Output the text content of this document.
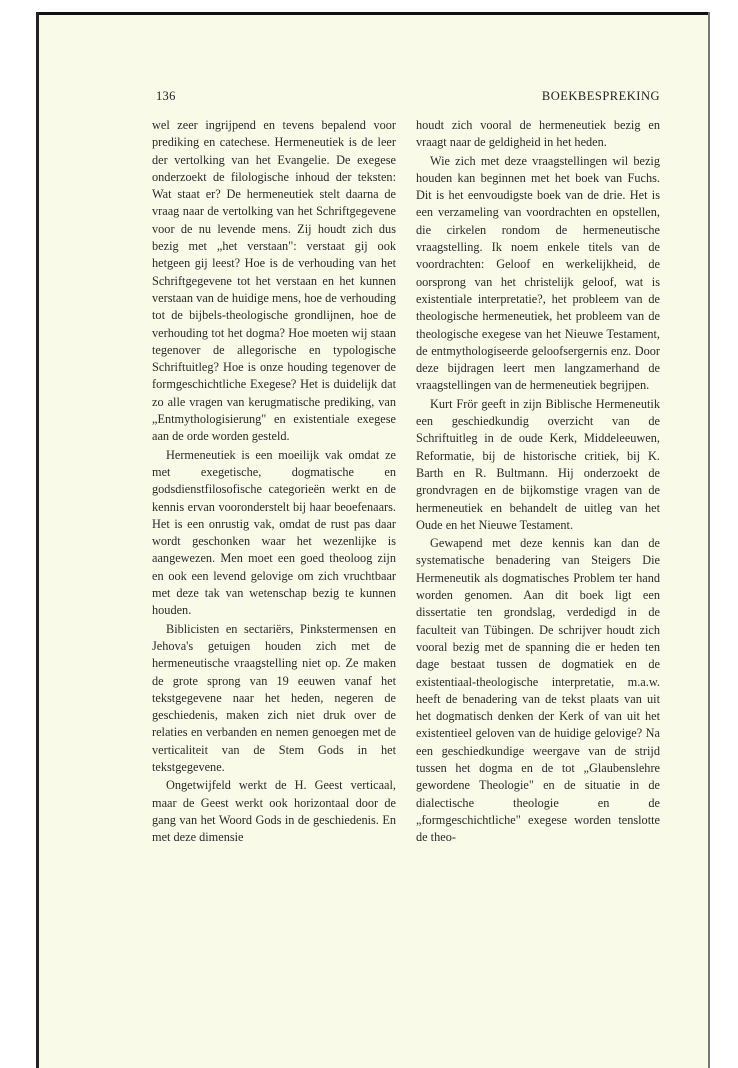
136	BOEKBESPREKING

wel zeer ingrijpend en tevens bepalend voor prediking en catechese. Hermeneutiek is de leer der vertolking van het Evangelie. De exegese onderzoekt de filologische inhoud der teksten: Wat staat er? De hermeneutiek stelt daarna de vraag naar de vertolking van het Schriftgegevene voor de nu levende mens. Zij houdt zich dus bezig met „het verstaan": verstaat gij ook hetgeen gij leest? Hoe is de verhouding van het Schriftgegevene tot het verstaan en het kunnen verstaan van de huidige mens, hoe de verhouding tot de bijbels-theologische grondlijnen, hoe de verhouding tot het dogma? Hoe moeten wij staan tegenover de allegorische en typologische Schriftuitleg? Hoe is onze houding tegenover de formgeschichtliche Exegese? Het is duidelijk dat zo alle vragen van kerugmatische prediking, van „Entmythologisierung" en existentiale exegese aan de orde worden gesteld.

Hermeneutiek is een moeilijk vak omdat ze met exegetische, dogmatische en godsdienstfilosofische categorieën werkt en de kennis ervan vooronderstelt bij haar beoefenaars. Het is een onrustig vak, omdat de rust pas daar wordt geschonken waar het wezenlijke is aangewezen. Men moet een goed theoloog zijn en ook een levend gelovige om zich vruchtbaar met deze tak van wetenschap bezig te kunnen houden.

Biblicisten en sectariërs, Pinkstermensen en Jehova's getuigen houden zich met de hermeneutische vraagstelling niet op. Ze maken de grote sprong van 19 eeuwen vanaf het tekstgegevene naar het heden, negeren de geschiedenis, maken zich niet druk over de relaties en verbanden en nemen genoegen met de verticaliteit van de Stem Gods in het tekstgegevene.

Ongetwijfeld werkt de H. Geest verticaal, maar de Geest werkt ook horizontaal door de gang van het Woord Gods in de geschiedenis. En met deze dimensie

houdt zich vooral de hermeneutiek bezig en vraagt naar de geldigheid in het heden.

Wie zich met deze vraagstellingen wil bezig houden kan beginnen met het boek van Fuchs. Dit is het eenvoudigste boek van de drie. Het is een verzameling van voordrachten en opstellen, die cirkelen rondom de hermeneutische vraagstelling. Ik noem enkele titels van de voordrachten: Geloof en werkelijkheid, de oorsprong van het christelijk geloof, wat is existentiale interpretatie?, het probleem van de theologische hermeneutiek, het probleem van de theologische exegese van het Nieuwe Testament, de entmythologiseerde geloofsergernis enz. Door deze bijdragen leert men langzamerhand de vraagstellingen van de hermeneutiek begrijpen.

Kurt Frör geeft in zijn Biblische Hermeneutik een geschiedkundig overzicht van de Schriftuitleg in de oude Kerk, Middeleeuwen, Reformatie, bij de historische critiek, bij K. Barth en R. Bultmann. Hij onderzoekt de grondvragen en de bijkomstige vragen van de hermeneutiek en behandelt de uitleg van het Oude en het Nieuwe Testament.

Gewapend met deze kennis kan dan de systematische benadering van Steigers Die Hermeneutik als dogmatisches Problem ter hand worden genomen. Aan dit boek ligt een dissertatie ten grondslag, verdedigd in de faculteit van Tübingen. De schrijver houdt zich vooral bezig met de spanning die er heden ten dage bestaat tussen de dogmatiek en de existentiaal-theologische interpretatie, m.a.w. heeft de benadering van de tekst plaats van uit het dogmatisch denken der Kerk of van uit het existentieel geloven van de huidige gelovige? Na een geschiedkundige weergave van de strijd tussen het dogma en de tot „Glaubenslehre gewordene Theologie" en de situatie in de dialectische theologie en de „formgeschichtliche" exegese worden tenslotte de theo-
